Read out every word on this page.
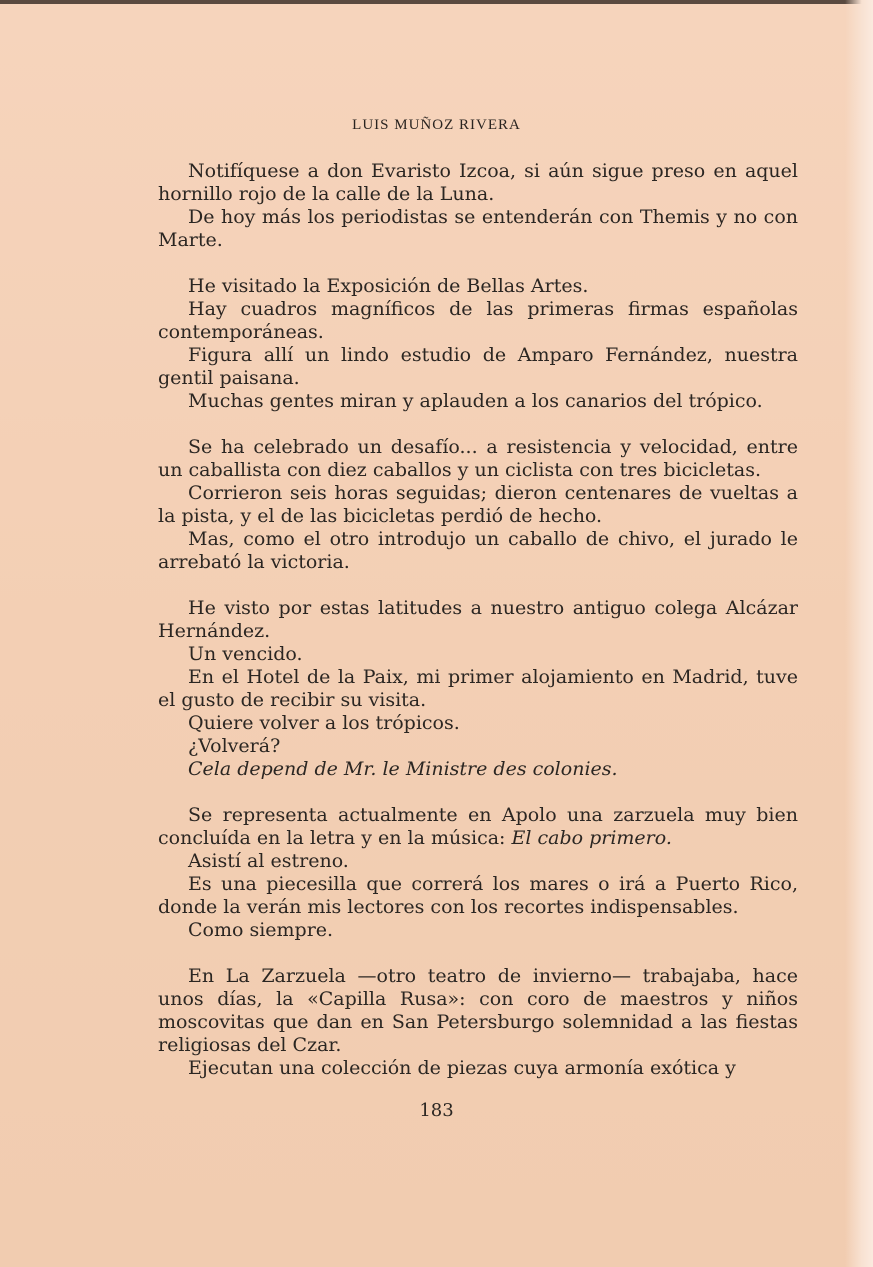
LUIS MUÑOZ RIVERA

Notifíquese a don Evaristo Izcoa, si aún sigue preso en aquel hornillo rojo de la calle de la Luna.

De hoy más los periodistas se entenderán con Themis y no con Marte.

He visitado la Exposición de Bellas Artes.

Hay cuadros magníficos de las primeras firmas españolas contemporáneas.

Figura allí un lindo estudio de Amparo Fernández, nuestra gentil paisana.

Muchas gentes miran y aplauden a los canarios del trópico.

Se ha celebrado un desafío... a resistencia y velocidad, entre un caballista con diez caballos y un ciclista con tres bicicletas.

Corrieron seis horas seguidas; dieron centenares de vueltas a la pista, y el de las bicicletas perdió de hecho.

Mas, como el otro introdujo un caballo de chivo, el jurado le arrebató la victoria.

He visto por estas latitudes a nuestro antiguo colega Alcázar Hernández.

Un vencido.

En el Hotel de la Paix, mi primer alojamiento en Madrid, tuve el gusto de recibir su visita.

Quiere volver a los trópicos.

¿Volverá?

Cela depend de Mr. le Ministre des colonies.

Se representa actualmente en Apolo una zarzuela muy bien concluída en la letra y en la música: El cabo primero.

Asistí al estreno.

Es una piecesilla que correrá los mares o irá a Puerto Rico, donde la verán mis lectores con los recortes indispensables.

Como siempre.

En La Zarzuela —otro teatro de invierno— trabajaba, hace unos días, la «Capilla Rusa»: con coro de maestros y niños moscovitas que dan en San Petersburgo solemnidad a las fiestas religiosas del Czar.

Ejecutan una colección de piezas cuya armonía exótica y

183
